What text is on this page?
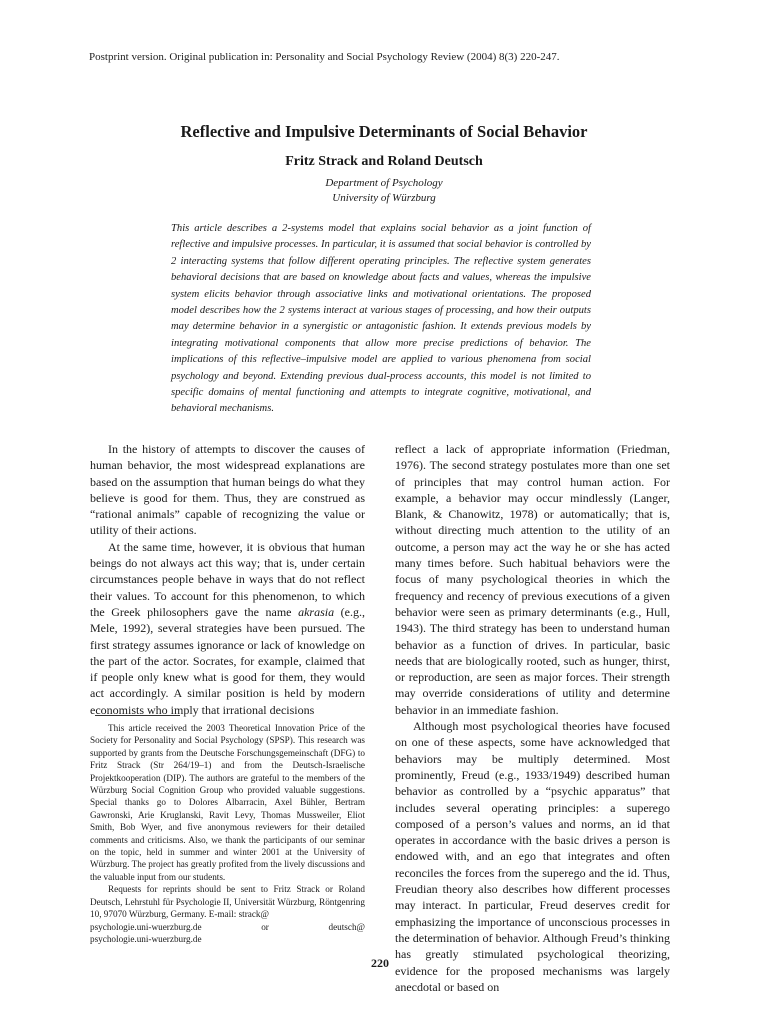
Postprint version. Original publication in: Personality and Social Psychology Review (2004) 8(3) 220-247.
Reflective and Impulsive Determinants of Social Behavior
Fritz Strack and Roland Deutsch
Department of Psychology
University of Würzburg

This article describes a 2-systems model that explains social behavior as a joint function of reflective and impulsive processes. In particular, it is assumed that social behavior is controlled by 2 interacting systems that follow different operating principles. The reflective system generates behavioral decisions that are based on knowledge about facts and values, whereas the impulsive system elicits behavior through associative links and motivational orientations. The proposed model describes how the 2 systems interact at various stages of processing, and how their outputs may determine behavior in a synergistic or antagonistic fashion. It extends previous models by integrating motivational components that allow more precise predictions of behavior. The implications of this reflective–impulsive model are applied to various phenomena from social psychology and beyond. Extending previous dual-process accounts, this model is not limited to specific domains of mental functioning and attempts to integrate cognitive, motivational, and behavioral mechanisms.

In the history of attempts to discover the causes of human behavior, the most widespread explanations are based on the assumption that human beings do what they believe is good for them. Thus, they are construed as “rational animals” capable of recognizing the value or utility of their actions.

At the same time, however, it is obvious that human beings do not always act this way; that is, under certain circumstances people behave in ways that do not reflect their values. To account for this phenomenon, to which the Greek philosophers gave the name akrasia (e.g., Mele, 1992), several strategies have been pursued. The first strategy assumes ignorance or lack of knowledge on the part of the actor. Socrates, for example, claimed that if people only knew what is good for them, they would act accordingly. A similar position is held by modern economists who imply that irrational decisions

This article received the 2003 Theoretical Innovation Price of the Society for Personality and Social Psychology (SPSP). This research was supported by grants from the Deutsche Forschungsgemeinschaft (DFG) to Fritz Strack (Str 264/19–1) and from the Deutsch-Israelische Projektkooperation (DIP). The authors are grateful to the members of the Würzburg Social Cognition Group who provided valuable suggestions. Special thanks go to Dolores Albarracin, Axel Bühler, Bertram Gawronski, Arie Kruglanski, Ravit Levy, Thomas Mussweiler, Eliot Smith, Bob Wyer, and five anonymous reviewers for their detailed comments and criticisms. Also, we thank the participants of our seminar on the topic, held in summer and winter 2001 at the University of Würzburg. The project has greatly profited from the lively discussions and the valuable input from our students.

Requests for reprints should be sent to Fritz Strack or Roland Deutsch, Lehrstuhl für Psychologie II, Universität Würzburg, Röntgenring 10, 97070 Würzburg, Germany. E-mail: strack@

psychologie.uni-wuerzburg.de	or	deutsch@
psychologie.uni-wuerzburg.de

reflect a lack of appropriate information (Friedman, 1976). The second strategy postulates more than one set of principles that may control human action. For example, a behavior may occur mindlessly (Langer, Blank, & Chanowitz, 1978) or automatically; that is, without directing much attention to the utility of an outcome, a person may act the way he or she has acted many times before. Such habitual behaviors were the focus of many psychological theories in which the frequency and recency of previous executions of a given behavior were seen as primary determinants (e.g., Hull, 1943). The third strategy has been to understand human behavior as a function of drives. In particular, basic needs that are biologically rooted, such as hunger, thirst, or reproduction, are seen as major forces. Their strength may override considerations of utility and determine behavior in an immediate fashion.

Although most psychological theories have focused on one of these aspects, some have acknowledged that behaviors may be multiply determined. Most prominently, Freud (e.g., 1933/1949) described human behavior as controlled by a “psychic apparatus” that includes several operating principles: a superego composed of a person’s values and norms, an id that operates in accordance with the basic drives a person is endowed with, and an ego that integrates and often reconciles the forces from the superego and the id. Thus, Freudian theory also describes how different processes may interact. In particular, Freud deserves credit for emphasizing the importance of unconscious processes in the determination of behavior. Although Freud’s thinking has greatly stimulated psychological theorizing, evidence for the proposed mechanisms was largely anecdotal or based on

220
